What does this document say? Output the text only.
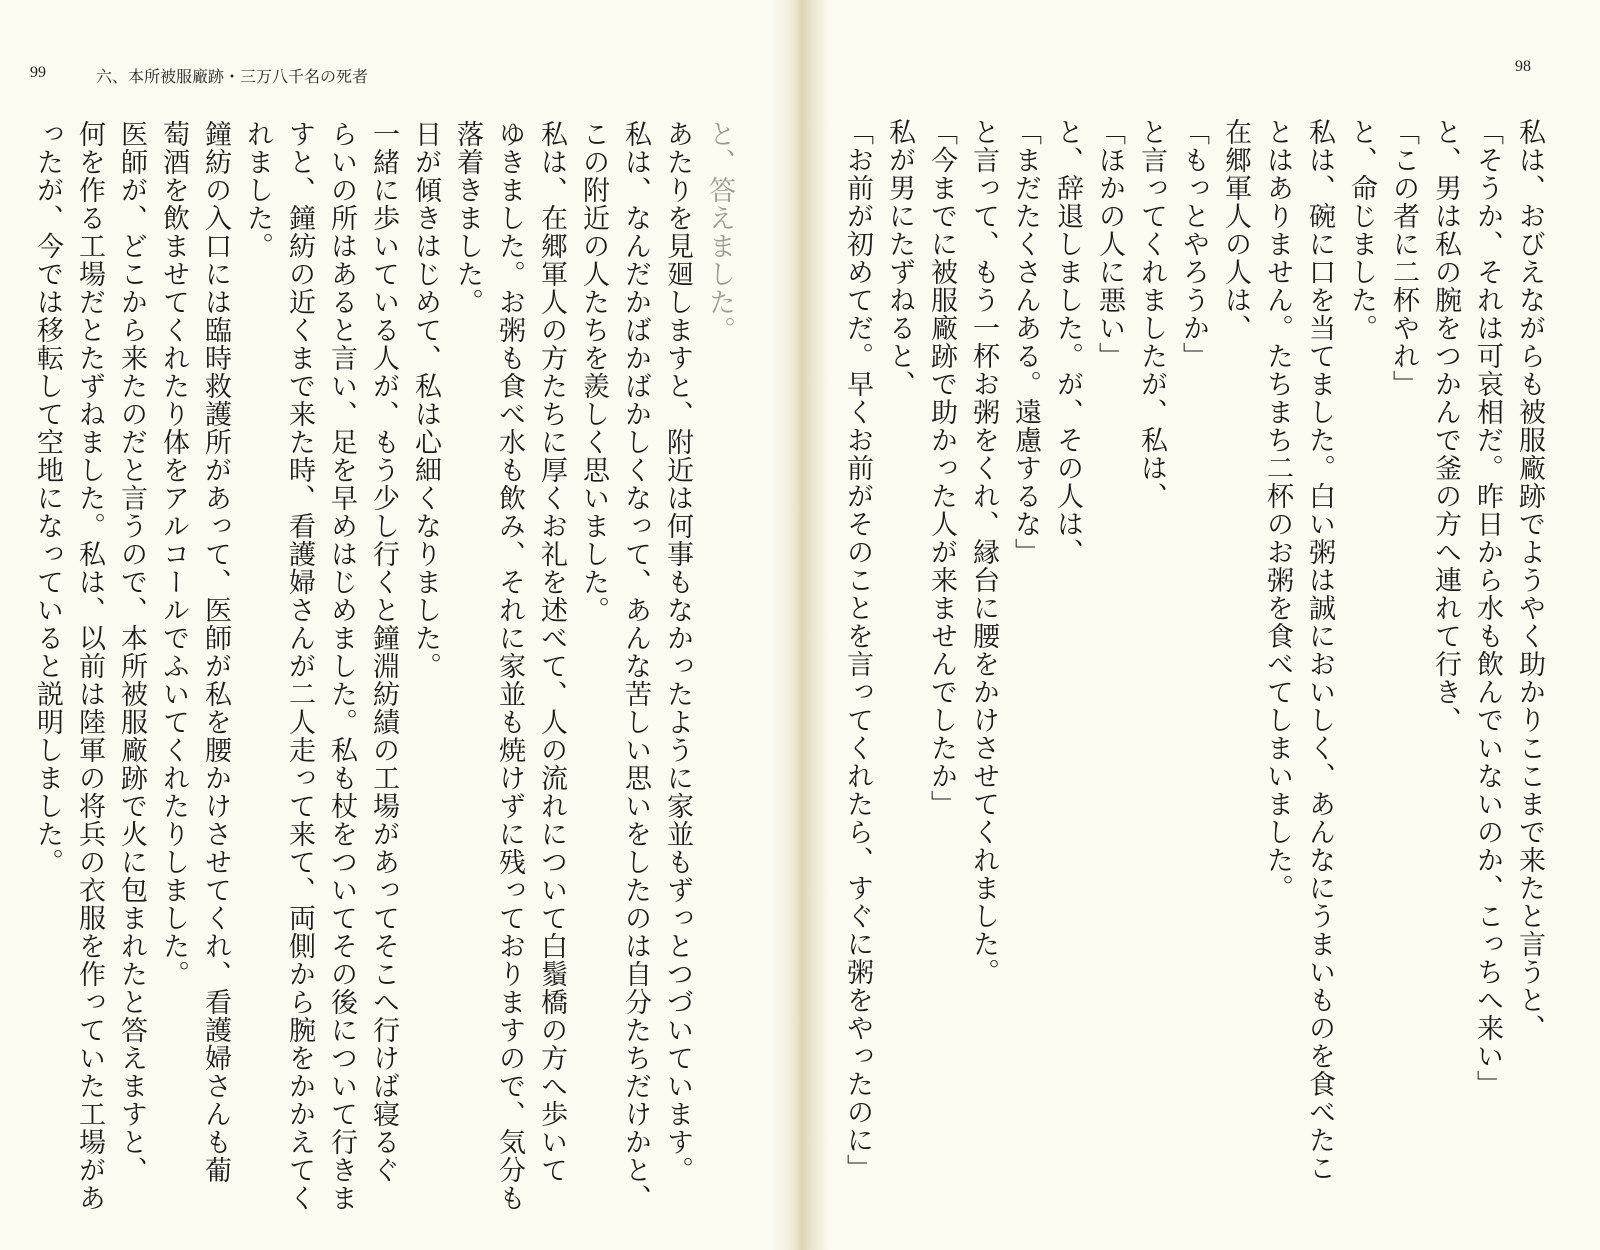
99	六、本所被服廠跡・三万八千名の死者
と、答えました。
あたりを見廻しますと、附近は何事もなかったように家並もずっとつづいています。
私は、なんだかばかばかしくなって、あんな苦しい思いをしたのは自分たちだけかと、
この附近の人たちを羨しく思いました。
私は、在郷軍人の方たちに厚くお礼を述べて、人の流れについて白鬚橋の方へ歩いて
ゆきました。お粥も食べ水も飲み、それに家並も焼けずに残っておりますので、気分も
落着きました。
日が傾きはじめて、私は心細くなりました。
一緒に歩いている人が、もう少し行くと鐘淵紡績の工場があってそこへ行けば寝るぐ
らいの所はあると言い、足を早めはじめました。私も杖をついてその後について行きま
すと、鐘紡の近くまで来た時、看護婦さんが二人走って来て、両側から腕をかかえてく
れました。
鐘紡の入口には臨時救護所があって、医師が私を腰かけさせてくれ、看護婦さんも葡
萄酒を飲ませてくれたり体をアルコールでふいてくれたりしました。
医師が、どこから来たのだと言うので、本所被服廠跡で火に包まれたと答えますと、
何を作る工場だとたずねました。私は、以前は陸軍の将兵の衣服を作っていた工場があ
ったが、今では移転して空地になっていると説明しました。
98
私は、おびえながらも被服廠跡でようやく助かりここまで来たと言うと、
「そうか、それは可哀相だ。昨日から水も飲んでいないのか、こっちへ来い」
と、男は私の腕をつかんで釜の方へ連れて行き、
「この者に二杯やれ」
と、命じました。
私は、碗に口を当てました。白い粥は誠においしく、あんなにうまいものを食べたこ
とはありません。たちまち二杯のお粥を食べてしまいました。
在郷軍人の人は、
「もっとやろうか」
と言ってくれましたが、私は、
「ほかの人に悪い」
と、辞退しました。が、その人は、
「まだたくさんある。遠慮するな」
と言って、もう一杯お粥をくれ、縁台に腰をかけさせてくれました。
「今までに被服廠跡で助かった人が来ませんでしたか」
私が男にたずねると、
「お前が初めてだ。早くお前がそのことを言ってくれたら、すぐに粥をやったのに」
